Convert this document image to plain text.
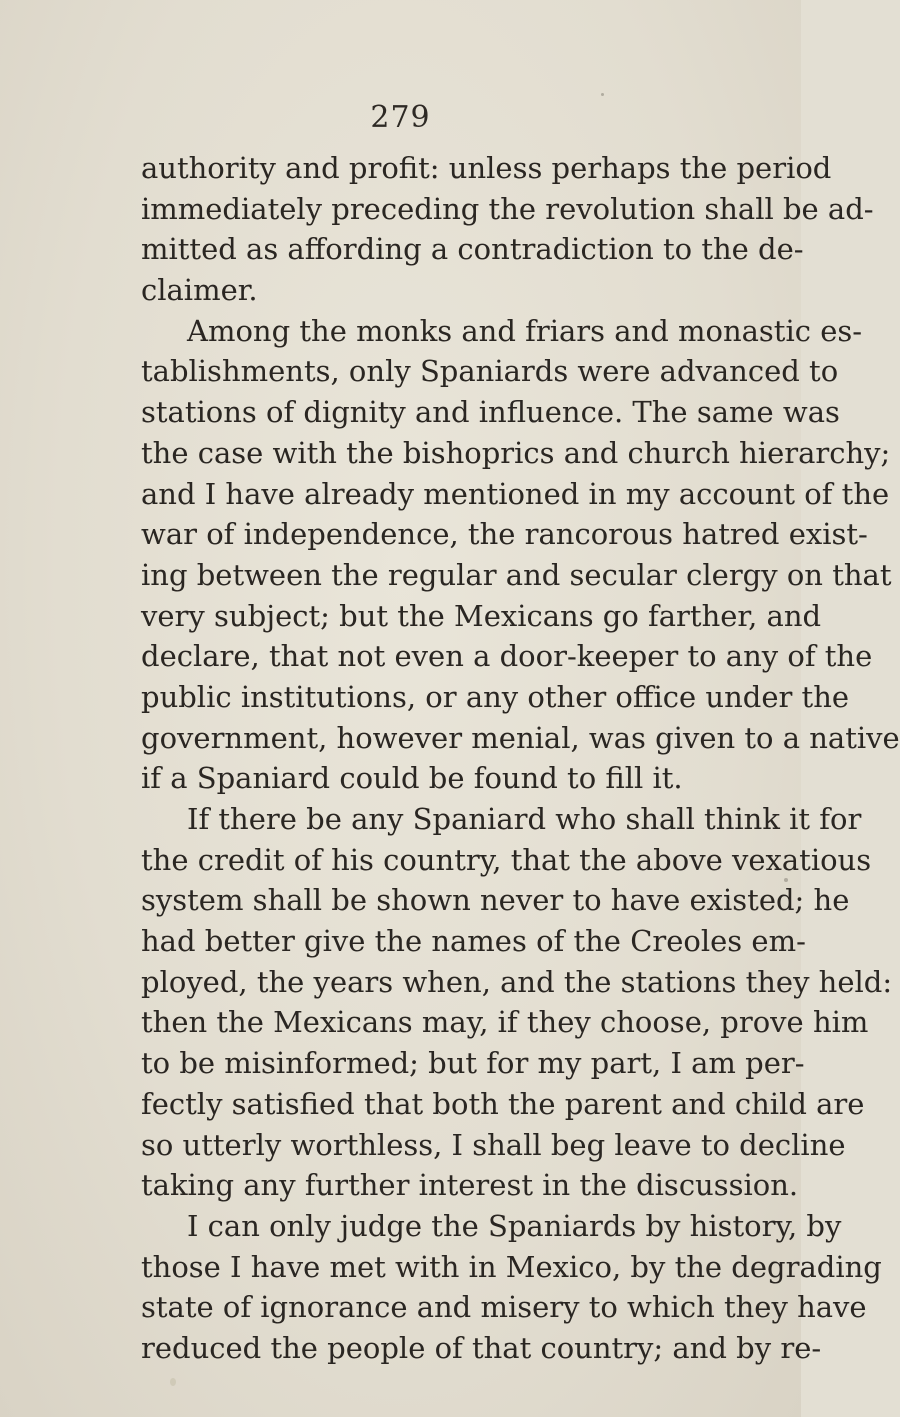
279
authority and profit: unless perhaps the period
immediately preceding the revolution shall be ad-
mitted as affording a contradiction to the de-
claimer.
Among the monks and friars and monastic es-
tablishments, only Spaniards were advanced to
stations of dignity and influence. The same was
the case with the bishoprics and church hierarchy;
and I have already mentioned in my account of the
war of independence, the rancorous hatred exist-
ing between the regular and secular clergy on that
very subject; but the Mexicans go farther, and
declare, that not even a door-keeper to any of the
public institutions, or any other office under the
government, however menial, was given to a native
if a Spaniard could be found to fill it.
If there be any Spaniard who shall think it for
the credit of his country, that the above vexatious
system shall be shown never to have existed; he
had better give the names of the Creoles em-
ployed, the years when, and the stations they held:
then the Mexicans may, if they choose, prove him
to be misinformed; but for my part, I am per-
fectly satisfied that both the parent and child are
so utterly worthless, I shall beg leave to decline
taking any further interest in the discussion.
I can only judge the Spaniards by history, by
those I have met with in Mexico, by the degrading
state of ignorance and misery to which they have
reduced the people of that country; and by re-
